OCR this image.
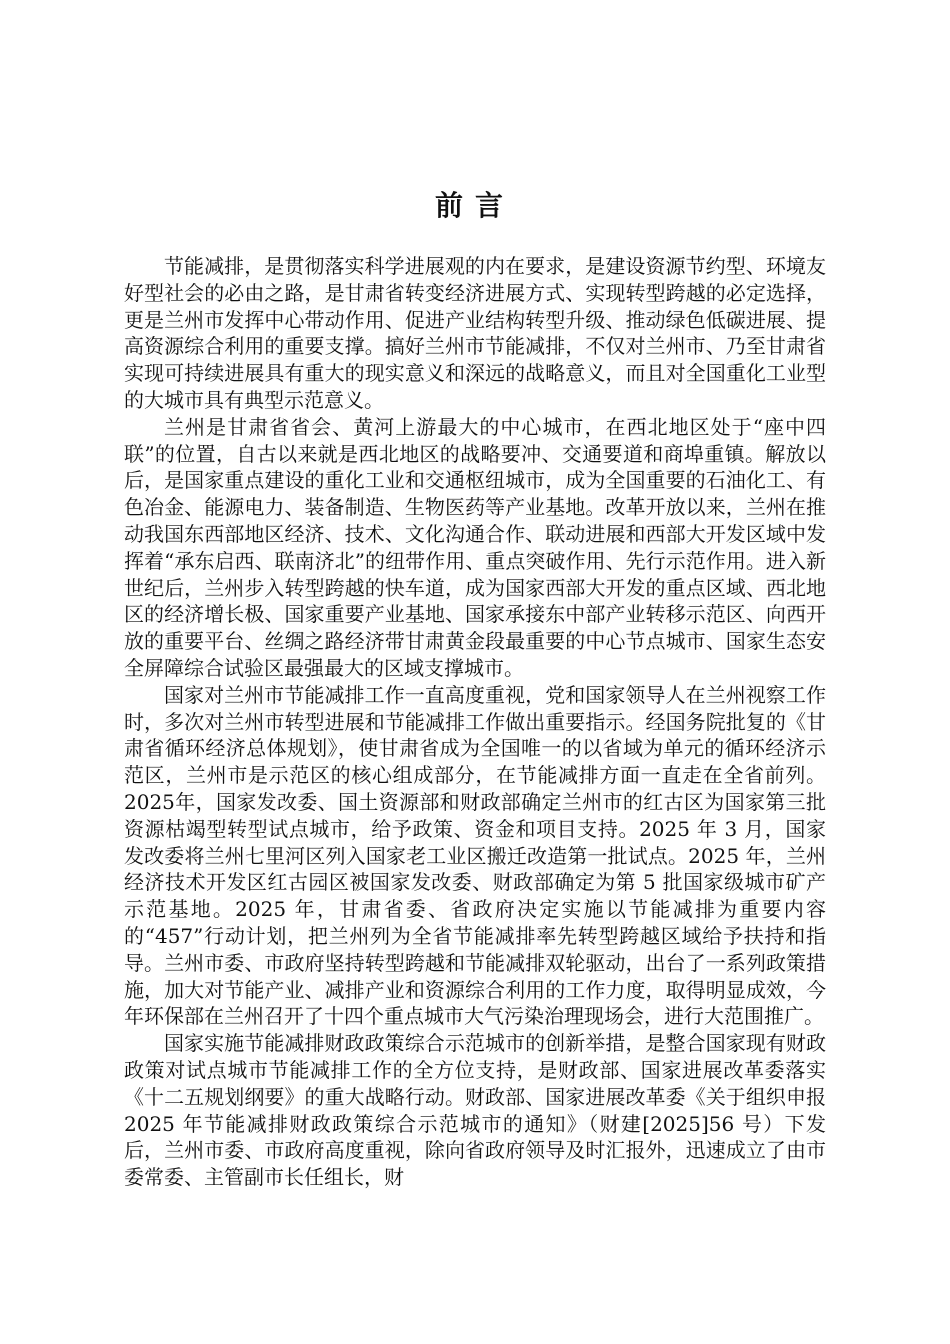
前言

节能减排，是贯彻落实科学进展观的内在要求，是建设资源节约型、环境友好型社会的必由之路，是甘肃省转变经济进展方式、实现转型跨越的必定选择，更是兰州市发挥中心带动作用、促进产业结构转型升级、推动绿色低碳进展、提高资源综合利用的重要支撑。搞好兰州市节能减排，不仅对兰州市、乃至甘肃省实现可持续进展具有重大的现实意义和深远的战略意义，而且对全国重化工业型的大城市具有典型示范意义。

兰州是甘肃省省会、黄河上游最大的中心城市，在西北地区处于“座中四联”的位置，自古以来就是西北地区的战略要冲、交通要道和商埠重镇。解放以后，是国家重点建设的重化工业和交通枢纽城市，成为全国重要的石油化工、有色冶金、能源电力、装备制造、生物医药等产业基地。改革开放以来，兰州在推动我国东西部地区经济、技术、文化沟通合作、联动进展和西部大开发区域中发挥着“承东启西、联南济北”的纽带作用、重点突破作用、先行示范作用。进入新世纪后，兰州步入转型跨越的快车道，成为国家西部大开发的重点区域、西北地区的经济增长极、国家重要产业基地、国家承接东中部产业转移示范区、向西开放的重要平台、丝绸之路经济带甘肃黄金段最重要的中心节点城市、国家生态安全屏障综合试验区最强最大的区域支撑城市。

国家对兰州市节能减排工作一直高度重视，党和国家领导人在兰州视察工作时，多次对兰州市转型进展和节能减排工作做出重要指示。经国务院批复的《甘肃省循环经济总体规划》，使甘肃省成为全国唯一的以省域为单元的循环经济示范区，兰州市是示范区的核心组成部分，在节能减排方面一直走在全省前列。2025年，国家发改委、国土资源部和财政部确定兰州市的红古区为国家第三批资源枯竭型转型试点城市，给予政策、资金和项目支持。2025 年 3 月，国家发改委将兰州七里河区列入国家老工业区搬迁改造第一批试点。2025 年，兰州经济技术开发区红古园区被国家发改委、财政部确定为第 5 批国家级城市矿产示范基地。2025 年，甘肃省委、省政府决定实施以节能减排为重要内容的“457”行动计划，把兰州列为全省节能减排率先转型跨越区域给予扶持和指导。兰州市委、市政府坚持转型跨越和节能减排双轮驱动，出台了一系列政策措施，加大对节能产业、减排产业和资源综合利用的工作力度，取得明显成效，今年环保部在兰州召开了十四个重点城市大气污染治理现场会，进行大范围推广。

国家实施节能减排财政政策综合示范城市的创新举措，是整合国家现有财政政策对试点城市节能减排工作的全方位支持，是财政部、国家进展改革委落实《十二五规划纲要》的重大战略行动。财政部、国家进展改革委《关于组织申报 2025 年节能减排财政政策综合示范城市的通知》（财建[2025]56 号）下发后，兰州市委、市政府高度重视，除向省政府领导及时汇报外，迅速成立了由市委常委、主管副市长任组长，财
